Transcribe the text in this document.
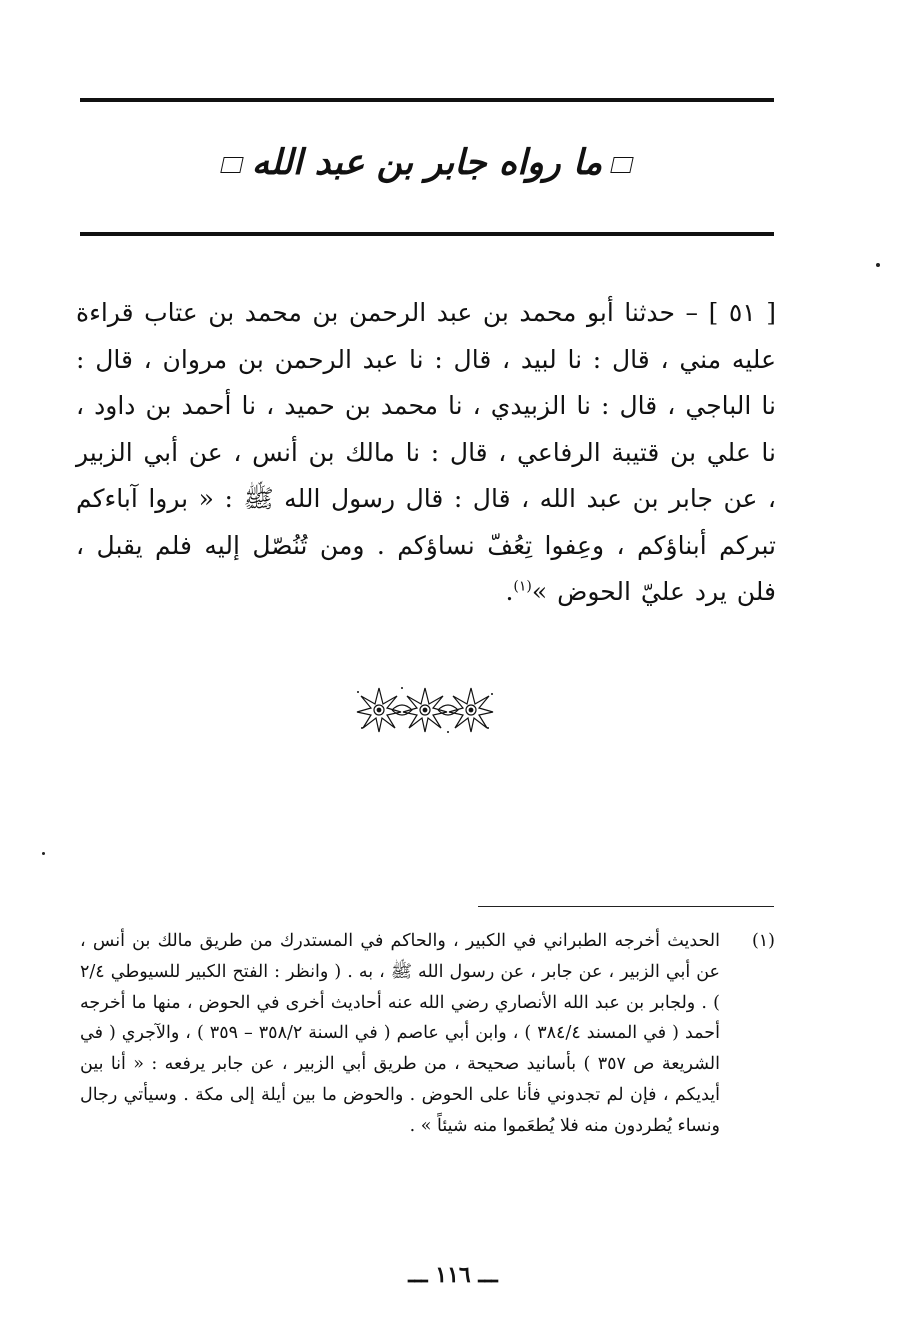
ما رواه جابر بن عبد الله
[ ٥١ ] – حدثنا أبو محمد بن عبد الرحمن بن محمد بن عتاب قراءة عليه مني ، قال : نا لبيد ، قال : نا عبد الرحمن بن مروان ، قال : نا الباجي ، قال : نا الزبيدي ، نا محمد بن حميد ، نا أحمد بن داود ، نا علي بن قتيبة الرفاعي ، قال : نا مالك بن أنس ، عن أبي الزبير ، عن جابر بن عبد الله ، قال : قال رسول الله ﷺ : « بروا آباءكم تبركم أبناؤكم ، وعِفوا تِعُفّ نساؤكم . ومن تُنُصّل إليه فلم يقبل ، فلن يرد عليّ الحوض »$^{(١)}$.
(١)
الحديث أخرجه الطبراني في الكبير ، والحاكم في المستدرك من طريق مالك بن أنس ، عن أبي الزبير ، عن جابر ، عن رسول الله ﷺ ، به . ( وانظر : الفتح الكبير للسيوطي ٢/٤ ) . ولجابر بن عبد الله الأنصاري رضي الله عنه أحاديث أخرى في الحوض ، منها ما أخرجه أحمد ( في المسند ٣٨٤/٤ ) ، وابن أبي عاصم ( في السنة ٣٥٨/٢ – ٣٥٩ ) ، والآجري ( في الشريعة ص ٣٥٧ ) بأسانيد صحيحة ، من طريق أبي الزبير ، عن جابر يرفعه : « أنا بين أيديكم ، فإن لم تجدوني فأنا على الحوض . والحوض ما بين أيلة إلى مكة . وسيأتي رجال ونساء يُطردون منه فلا يُطعَموا منه شيئاً » .
ـــ ١١٦ ـــ
